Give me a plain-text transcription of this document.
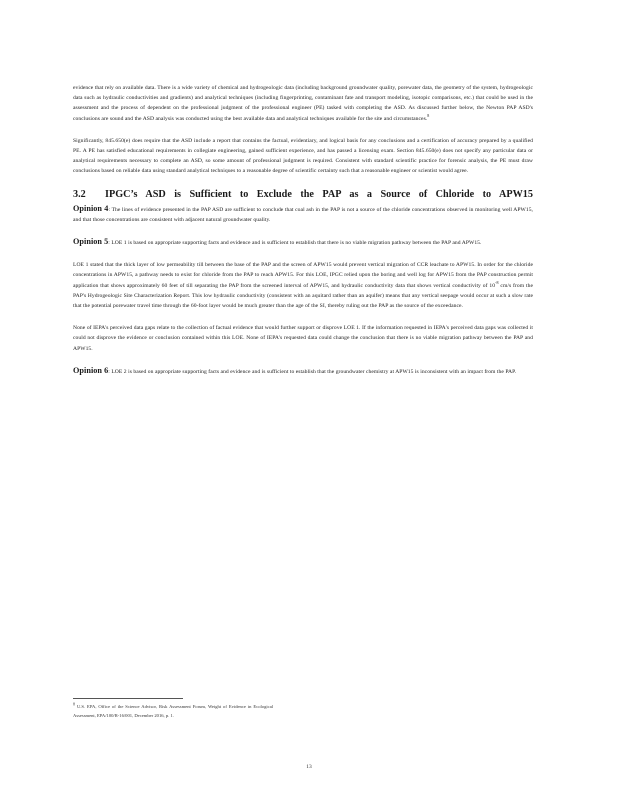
evidence that rely on available data. There is a wide variety of chemical and hydrogeologic data (including background groundwater quality, porewater data, the geometry of the system, hydrogeologic data such as hydraulic conductivities and gradients) and analytical techniques (including fingerprinting, contaminant fate and transport modeling, isotopic comparisons, etc.) that could be used in the assessment and the process of dependent on the professional judgment of the professional engineer (PE) tasked with completing the ASD. As discussed further below, the Newton PAP ASD's conclusions are sound and the ASD analysis was conducted using the best available data and analytical techniques available for the site and circumstances.$^8$

Significantly, 845.650(e) does require that the ASD include a report that contains the factual, evidentiary, and logical basis for any conclusions and a certification of accuracy prepared by a qualified PE. A PE has satisfied educational requirements in collegiate engineering, gained sufficient experience, and has passed a licensing exam. Section 845.650(e) does not specify any particular data or analytical requirements necessary to complete an ASD, so some amount of professional judgment is required. Consistent with standard scientific practice for forensic analysis, the PE must draw conclusions based on reliable data using standard analytical techniques to a reasonable degree of scientific certainty such that a reasonable engineer or scientist would agree.

3.2	IPGC’s ASD is Sufficient to Exclude the PAP as a Source of Chloride to APW15

Opinion 4: The lines of evidence presented in the PAP ASD are sufficient to conclude that coal ash in the PAP is not a source of the chloride concentrations observed in monitoring well APW15, and that those concentrations are consistent with adjacent natural groundwater quality.

Opinion 5: LOE 1 is based on appropriate supporting facts and evidence and is sufficient to establish that there is no viable migration pathway between the PAP and APW15.

LOE 1 stated that the thick layer of low permeability till between the base of the PAP and the screen of APW15 would prevent vertical migration of CCR leachate to APW15. In order for the chloride concentrations in APW15, a pathway needs to exist for chloride from the PAP to reach APW15. For this LOE, IPGC relied upon the boring and well log for APW15 from the PAP construction permit application that shows approximately 60 feet of till separating the PAP from the screened interval of APW15, and hydraulic conductivity data that shows vertical conductivity of $10^{-8}$ cm/s from the PAP's Hydrogeologic Site Characterization Report. This low hydraulic conductivity (consistent with an aquitard rather than an aquifer) means that any vertical seepage would occur at such a slow rate that the potential porewater travel time through the 60-foot layer would be much greater than the age of the SI, thereby ruling out the PAP as the source of the exceedance.

None of IEPA's perceived data gaps relate to the collection of factual evidence that would further support or disprove LOE 1. If the information requested in IEPA's perceived data gaps was collected it could not disprove the evidence or conclusion contained within this LOE. None of IEPA's requested data could change the conclusion that there is no viable migration pathway between the PAP and APW15.

Opinion 6: LOE 2 is based on appropriate supporting facts and evidence and is sufficient to establish that the groundwater chemistry at APW15 is inconsistent with an impact from the PAP.

$^8$ U.S. EPA, Office of the Science Advisor, Risk Assessment Forum, Weight of Evidence in Ecological Assessment, EPA/100/R-16/001, December 2016, p. 1.
13
